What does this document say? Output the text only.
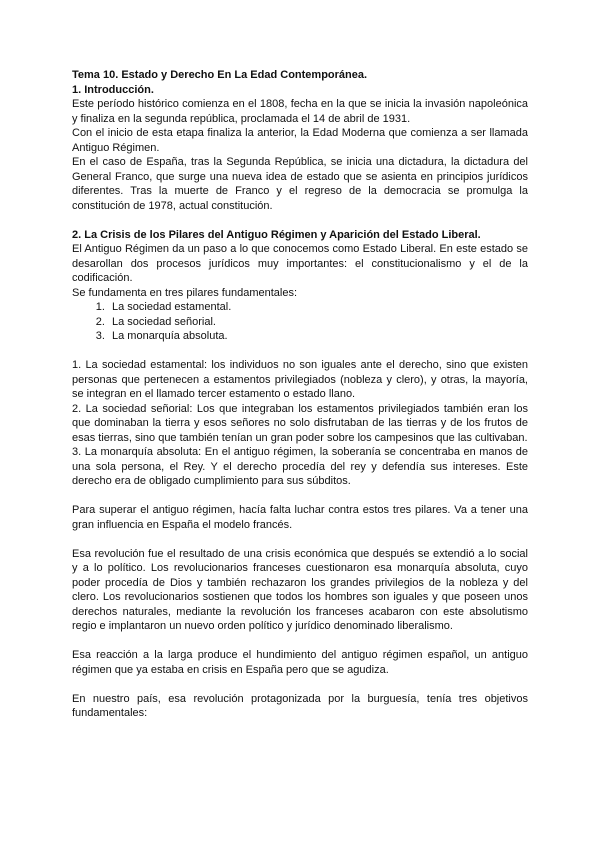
Tema 10. Estado y Derecho En La Edad Contemporánea.

1. Introducción.

Este período histórico comienza en el 1808, fecha en la que se inicia la invasión napoleónica y finaliza en la segunda república, proclamada el 14 de abril de 1931.

Con el inicio de esta etapa finaliza la anterior, la Edad Moderna que comienza a ser llamada Antiguo Régimen.

En el caso de España, tras la Segunda República, se inicia una dictadura, la dictadura del General Franco, que surge una nueva idea de estado que se asienta en principios jurídicos diferentes. Tras la muerte de Franco y el regreso de la democracia se promulga la constitución de 1978, actual constitución.

2. La Crisis de los Pilares del Antiguo Régimen y Aparición del Estado Liberal.

El Antiguo Régimen da un paso a lo que conocemos como Estado Liberal. En este estado se desarollan dos procesos jurídicos muy importantes: el constitucionalismo y el de la codificación.

Se fundamenta en tres pilares fundamentales:

1. La sociedad estamental.
2. La sociedad señorial.
3. La monarquía absoluta.

1. La sociedad estamental: los individuos no son iguales ante el derecho, sino que existen personas que pertenecen a estamentos privilegiados (nobleza y clero), y otras, la mayoría, se integran en el llamado tercer estamento o estado llano.

2. La sociedad señorial: Los que integraban los estamentos privilegiados también eran los que dominaban la tierra y esos señores no solo disfrutaban de las tierras y de los frutos de esas tierras, sino que también tenían un gran poder sobre los campesinos que las cultivaban.

3. La monarquía absoluta: En el antiguo régimen, la soberanía se concentraba en manos de una sola persona, el Rey. Y el derecho procedía del rey y defendía sus intereses. Este derecho era de obligado cumplimiento para sus súbditos.

Para superar el antiguo régimen, hacía falta luchar contra estos tres pilares. Va a tener una gran influencia en España el modelo francés.

Esa revolución fue el resultado de una crisis económica que después se extendió a lo social y a lo político. Los revolucionarios franceses cuestionaron esa monarquía absoluta, cuyo poder procedía de Dios y también rechazaron los grandes privilegios de la nobleza y del clero. Los revolucionarios sostienen que todos los hombres son iguales y que poseen unos derechos naturales, mediante la revolución los franceses acabaron con este absolutismo regio e implantaron un nuevo orden político y jurídico denominado liberalismo.

Esa reacción a la larga produce el hundimiento del antiguo régimen español, un antiguo régimen que ya estaba en crisis en España pero que se agudiza.

En nuestro país, esa revolución protagonizada por la burguesía, tenía tres objetivos fundamentales:
